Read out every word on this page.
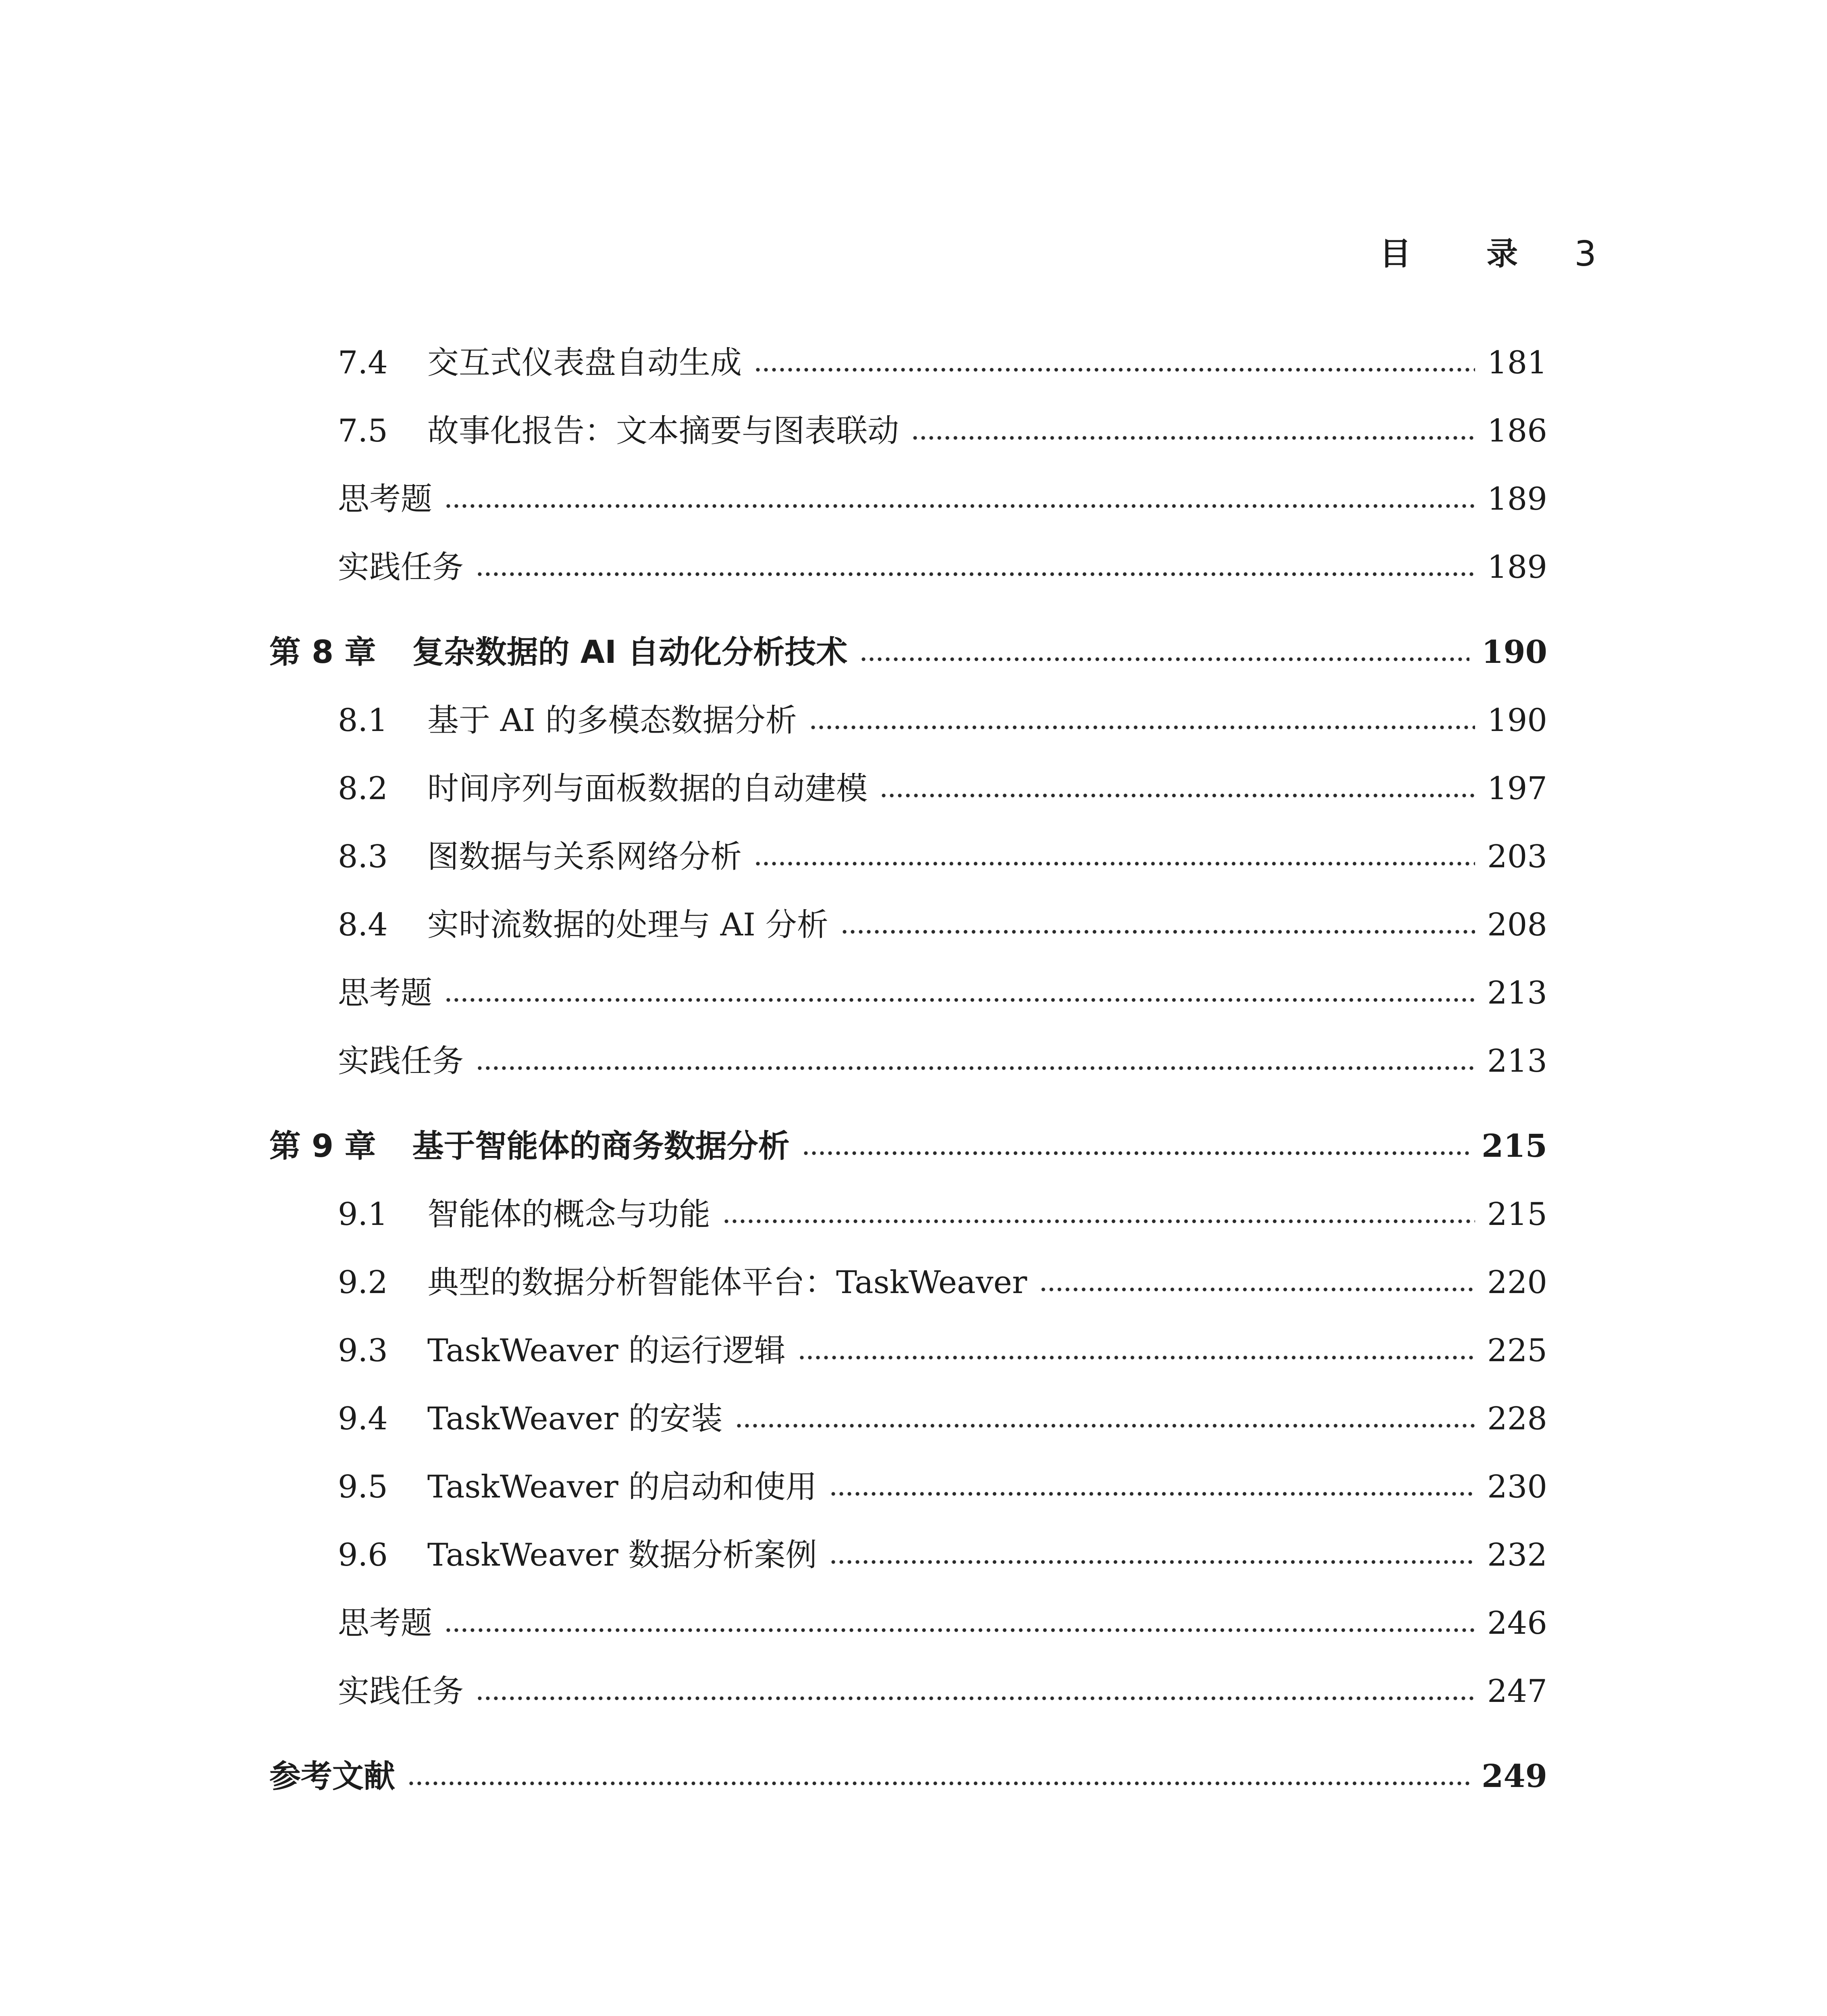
目 录 3
7.4	交互式仪表盘自动生成	181
7.5	故事化报告：文本摘要与图表联动	186
思考题	189
实践任务	189
第 8 章 复杂数据的 AI 自动化分析技术	190
8.1	基于 AI 的多模态数据分析	190
8.2	时间序列与面板数据的自动建模	197
8.3	图数据与关系网络分析	203
8.4	实时流数据的处理与 AI 分析	208
思考题	213
实践任务	213
第 9 章 基于智能体的商务数据分析	215
9.1	智能体的概念与功能	215
9.2	典型的数据分析智能体平台：TaskWeaver	220
9.3	TaskWeaver 的运行逻辑	225
9.4	TaskWeaver 的安装	228
9.5	TaskWeaver 的启动和使用	230
9.6	TaskWeaver 数据分析案例	232
思考题	246
实践任务	247
参考文献	249
